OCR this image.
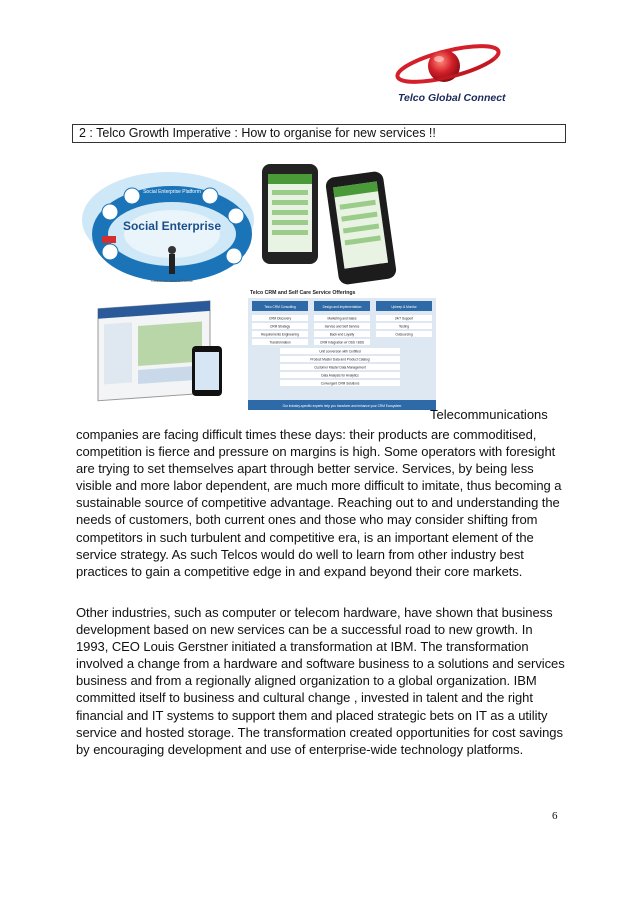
Telco Global Connect
2 : Telco Growth Imperative : How to organise for new services !!
Social Enterprise
Social Enterprise Platform
Customer Social Profile
Telco CRM and Self Care Service Offerings
Telco CRM Consulting	Design and Implementation	Upkeep & Monitor
CRM Discovery	Marketing and Sales	24/7 Support
CRM Strategy	Service and Self Service	Testing
Requirements Engineering	Back-end Loyalty	Outsourcing
Transformation	CRM Integration w/ OSS / BSS
Unit conversion with Certified
Product Master Data and Product Catalog
Customer Master Data Management
Data Analysis for Analytics
Convergent CRM Solutions
Our industry-specific experts help you transform and enhance your CRM Ecosystem
Telecommunications

companies are facing difficult times these days: their products are commoditised, competition is fierce and pressure on margins is high. Some operators with foresight are trying to set themselves apart through better service. Services, by being less visible and more labor dependent, are much more difficult to imitate, thus becoming a sustainable source of competitive advantage. Reaching out to and understanding the needs of customers, both current ones and those who may consider shifting from competitors in such turbulent and competitive era, is an important element of the service strategy. As such Telcos would do well to learn from other industry best practices to gain a competitive edge in and expand beyond their core markets.

Other industries, such as computer or telecom hardware, have shown that business development based on new services can be a successful road to new growth. In 1993, CEO Louis Gerstner initiated a transformation at IBM. The transformation involved a change from a hardware and software business to a solutions and services business and from a regionally aligned organization to a global organization. IBM committed itself to business and cultural change , invested in talent and the right financial and IT systems to support them and placed strategic bets on IT as a utility service and hosted storage. The transformation created opportunities for cost savings by encouraging development and use of enterprise-wide technology platforms.

6
